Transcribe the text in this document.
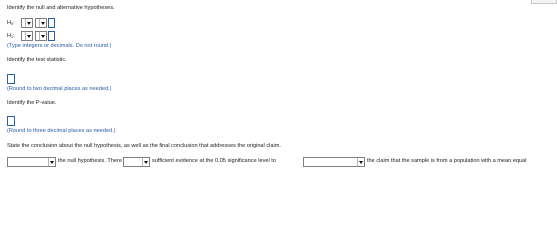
Identify the null and alternative hypotheses.
$H_0$:
$H_1$:
(Type integers or decimals. Do not round.)
Identify the test statistic.
(Round to two decimal places as needed.)
Identify the P-value.
(Round to three decimal places as needed.)
State the conclusion about the null hypothesis, as well as the final conclusion that addresses the original claim.
the null hypothesis. There	sufficient evidence at the 0.05 significance level to	the claim that the sample is from a population with a mean equal
